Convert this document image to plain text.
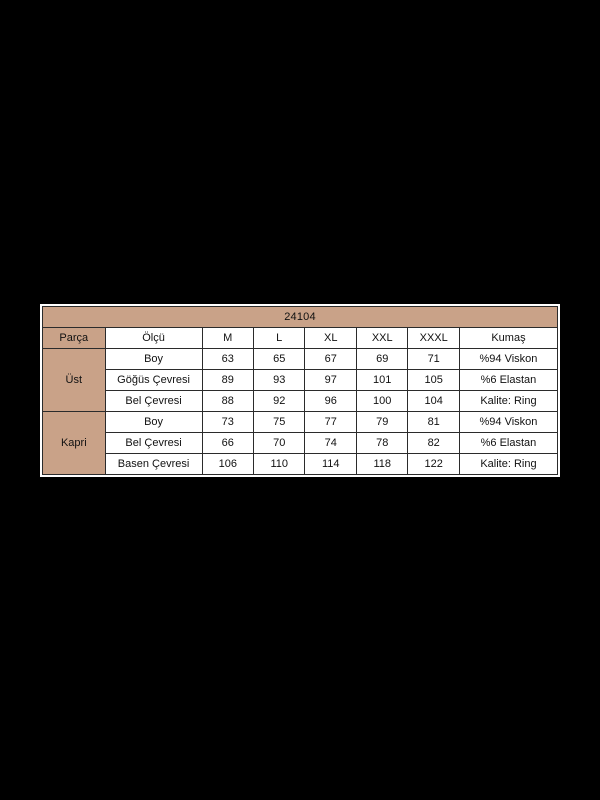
24104							
Parça	Ölçü	M	L	XL	XXL	XXXL	Kumaş
Üst	Boy	63	65	67	69	71	%94 Viskon
	Göğüs Çevresi	89	93	97	101	105	%6 Elastan
	Bel Çevresi	88	92	96	100	104	Kalite: Ring
Kapri	Boy	73	75	77	79	81	%94 Viskon
	Bel Çevresi	66	70	74	78	82	%6 Elastan
	Basen Çevresi	106	110	114	118	122	Kalite: Ring
